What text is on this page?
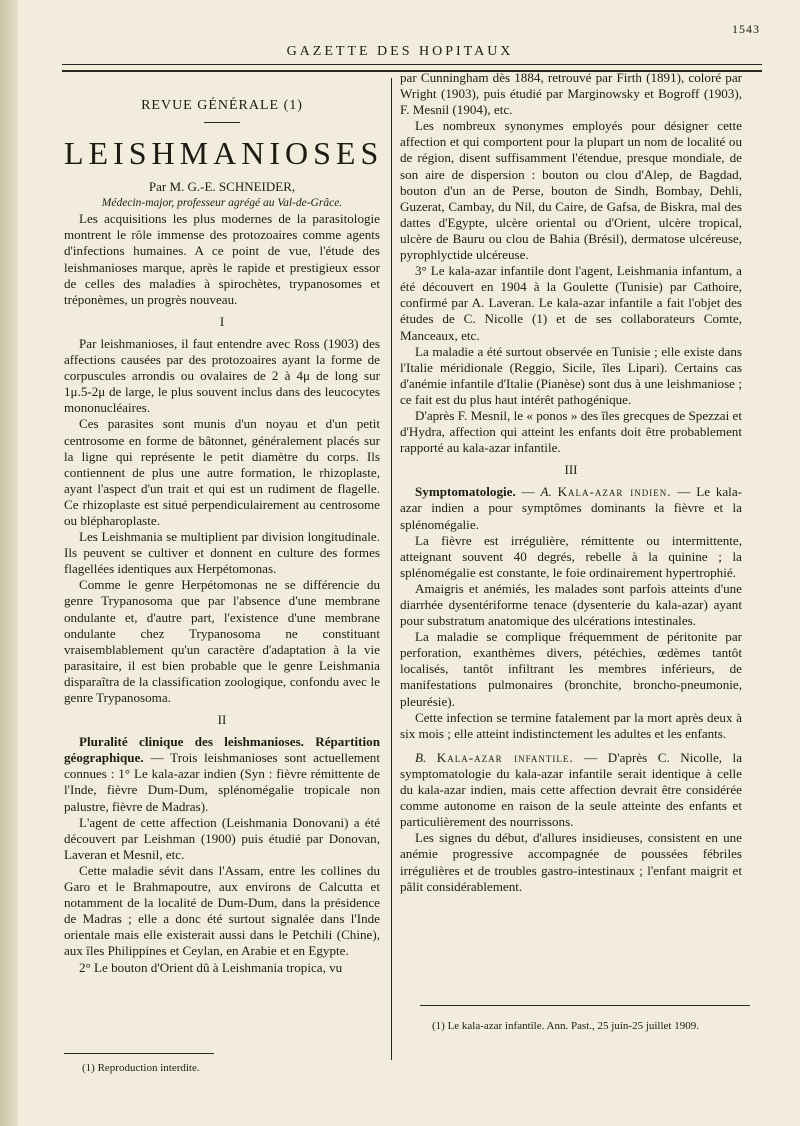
1543
GAZETTE DES HOPITAUX
REVUE GÉNÉRALE (1)
LEISHMANIOSES

Par M. G.-E. SCHNEIDER,

Médecin-major, professeur agrégé au Val-de-Grâce.

Les acquisitions les plus modernes de la parasitologie montrent le rôle immense des protozoaires comme agents d'infections humaines. A ce point de vue, l'étude des leishmanioses marque, après le rapide et prestigieux essor de celles des maladies à spirochètes, trypanosomes et tréponèmes, un progrès nouveau.

I

Par leishmanioses, il faut entendre avec Ross (1903) des affections causées par des protozoaires ayant la forme de corpuscules arrondis ou ovalaires de 2 à 4μ de long sur 1μ.5-2μ de large, le plus souvent inclus dans des leucocytes mononucléaires.

Ces parasites sont munis d'un noyau et d'un petit centrosome en forme de bâtonnet, généralement placés sur la ligne qui représente le petit diamètre du corps. Ils contiennent de plus une autre formation, le rhizoplaste, ayant l'aspect d'un trait et qui est un rudiment de flagelle. Ce rhizoplaste est situé perpendiculairement au centrosome ou blépharoplaste.

Les Leishmania se multiplient par division longitudinale. Ils peuvent se cultiver et donnent en culture des formes flagellées identiques aux Herpétomonas.

Comme le genre Herpétomonas ne se différencie du genre Trypanosoma que par l'absence d'une membrane ondulante et, d'autre part, l'existence d'une membrane ondulante chez Trypanosoma ne constituant vraisemblablement qu'un caractère d'adaptation à la vie parasitaire, il est bien probable que le genre Leishmania disparaîtra de la classification zoologique, confondu avec le genre Trypanosoma.

II

Pluralité clinique des leishmanioses. Répartition géographique. — Trois leishmanioses sont actuellement connues : 1° Le kala-azar indien (Syn : fièvre rémittente de l'Inde, fièvre Dum-Dum, splénomégalie tropicale non palustre, fièvre de Madras).

L'agent de cette affection (Leishmania Donovani) a été découvert par Leishman (1900) puis étudié par Donovan, Laveran et Mesnil, etc.

Cette maladie sévit dans l'Assam, entre les collines du Garo et le Brahmapoutre, aux environs de Calcutta et notamment de la localité de Dum-Dum, dans la présidence de Madras ; elle a donc été surtout signalée dans l'Inde orientale mais elle existerait aussi dans le Petchili (Chine), aux îles Philippines et Ceylan, en Arabie et en Egypte.

2° Le bouton d'Orient dû à Leishmania tropica, vu

(1) Reproduction interdite.

par Cunningham dès 1884, retrouvé par Firth (1891), coloré par Wright (1903), puis étudié par Marginowsky et Bogroff (1903), F. Mesnil (1904), etc.

Les nombreux synonymes employés pour désigner cette affection et qui comportent pour la plupart un nom de localité ou de région, disent suffisamment l'étendue, presque mondiale, de son aire de dispersion : bouton ou clou d'Alep, de Bagdad, bouton d'un an de Perse, bouton de Sindh, Bombay, Dehli, Guzerat, Cambay, du Nil, du Caire, de Gafsa, de Biskra, mal des dattes d'Egypte, ulcère oriental ou d'Orient, ulcère tropical, ulcère de Bauru ou clou de Bahia (Brésil), dermatose ulcéreuse, pyrophlyctide ulcéreuse.

3° Le kala-azar infantile dont l'agent, Leishmania infantum, a été découvert en 1904 à la Goulette (Tunisie) par Cathoire, confirmé par A. Laveran. Le kala-azar infantile a fait l'objet des études de C. Nicolle (1) et de ses collaborateurs Comte, Manceaux, etc.

La maladie a été surtout observée en Tunisie ; elle existe dans l'Italie méridionale (Reggio, Sicile, îles Lipari). Certains cas d'anémie infantile d'Italie (Pianèse) sont dus à une leishmaniose ; ce fait est du plus haut intérêt pathogénique.

D'après F. Mesnil, le « ponos » des îles grecques de Spezzai et d'Hydra, affection qui atteint les enfants doit être probablement rapporté au kala-azar infantile.

III

Symptomatologie. — A. Kala-azar indien. — Le kala-azar indien a pour symptômes dominants la fièvre et la splénomégalie.

La fièvre est irrégulière, rémittente ou intermittente, atteignant souvent 40 degrés, rebelle à la quinine ; la splénomégalie est constante, le foie ordinairement hypertrophié.

Amaigris et anémiés, les malades sont parfois atteints d'une diarrhée dysentériforme tenace (dysenterie du kala-azar) ayant pour substratum anatomique des ulcérations intestinales.

La maladie se complique fréquemment de péritonite par perforation, exanthèmes divers, pétéchies, œdèmes tantôt localisés, tantôt infiltrant les membres inférieurs, de manifestations pulmonaires (bronchite, broncho-pneumonie, pleurésie).

Cette infection se termine fatalement par la mort après deux à six mois ; elle atteint indistinctement les adultes et les enfants.

B. Kala-azar infantile. — D'après C. Nicolle, la symptomatologie du kala-azar infantile serait identique à celle du kala-azar indien, mais cette affection devrait être considérée comme autonome en raison de la seule atteinte des enfants et particulièrement des nourrissons.

Les signes du début, d'allures insidieuses, consistent en une anémie progressive accompagnée de poussées fébriles irrégulières et de troubles gastro-intestinaux ; l'enfant maigrit et pâlit considérablement.

(1) Le kala-azar infantile. Ann. Past., 25 juin-25 juillet 1909.
